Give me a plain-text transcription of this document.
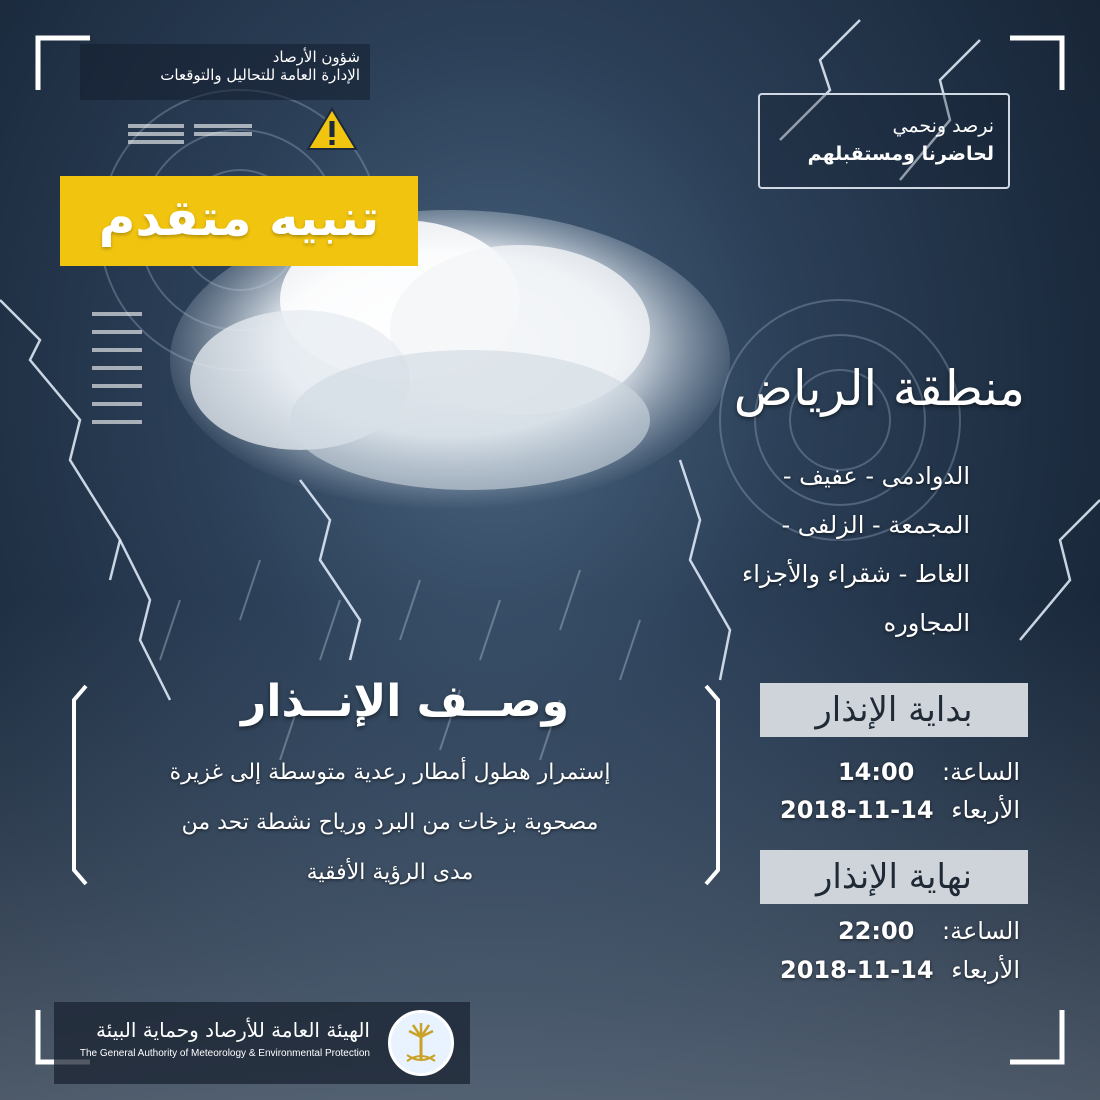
شؤون الأرصاد
الإدارة العامة للتحاليل والتوقعات
نرصد ونحمي
لحاضرنا ومستقبلهم
تنبيه متقدم
منطقة الرياض
الدوادمى - عفيف -
المجمعة - الزلفى -
الغاط - شقراء والأجزاء
المجاوره
وصــف الإنــذار
إستمرار هطول أمطار رعدية متوسطة إلى غزيرة
مصحوبة بزخات من البرد ورياح نشطة تحد من
مدى الرؤية الأفقية
بداية الإنذار
الساعة: 14:00
الأربعاء 14-11-2018
نهاية الإنذار
الساعة: 22:00
الأربعاء 14-11-2018
الهيئة العامة للأرصاد وحماية البيئة
The General Authority of Meteorology & Environmental Protection
